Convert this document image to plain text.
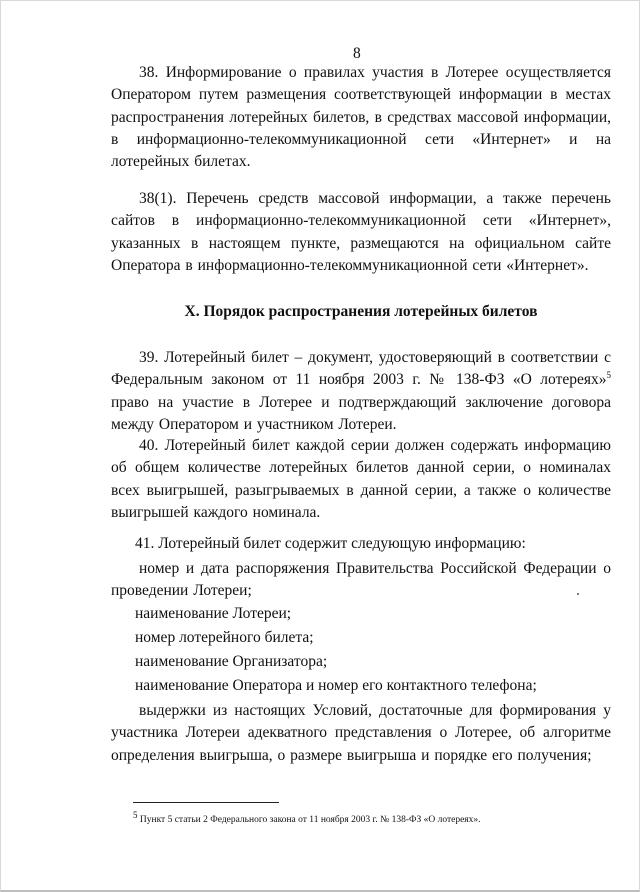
8
38. Информирование о правилах участия в Лотерее осуществляется Оператором путем размещения соответствующей информации в местах распространения лотерейных билетов, в средствах массовой информации, в информационно-телекоммуникационной сети «Интернет» и на лотерейных билетах.
38(1). Перечень средств массовой информации, а также перечень сайтов в информационно-телекоммуникационной сети «Интернет», указанных в настоящем пункте, размещаются на официальном сайте Оператора в информационно-телекоммуникационной сети «Интернет».
X. Порядок распространения лотерейных билетов
39. Лотерейный билет – документ, удостоверяющий в соответствии с Федеральным законом от 11 ноября 2003 г. № 138-ФЗ «О лотереях»$^5$ право на участие в Лотерее и подтверждающий заключение договора между Оператором и участником Лотереи.
40. Лотерейный билет каждой серии должен содержать информацию об общем количестве лотерейных билетов данной серии, о номиналах всех выигрышей, разыгрываемых в данной серии, а также о количестве выигрышей каждого номинала.
41. Лотерейный билет содержит следующую информацию:
номер и дата распоряжения Правительства Российской Федерации о проведении Лотереи;
наименование Лотереи;
номер лотерейного билета;
наименование Организатора;
наименование Оператора и номер его контактного телефона;
выдержки из настоящих Условий, достаточные для формирования у участника Лотереи адекватного представления о Лотерее, об алгоритме определения выигрыша, о размере выигрыша и порядке его получения;
$^5$ Пункт 5 статьи 2 Федерального закона от 11 ноября 2003 г. № 138-ФЗ «О лотереях».
